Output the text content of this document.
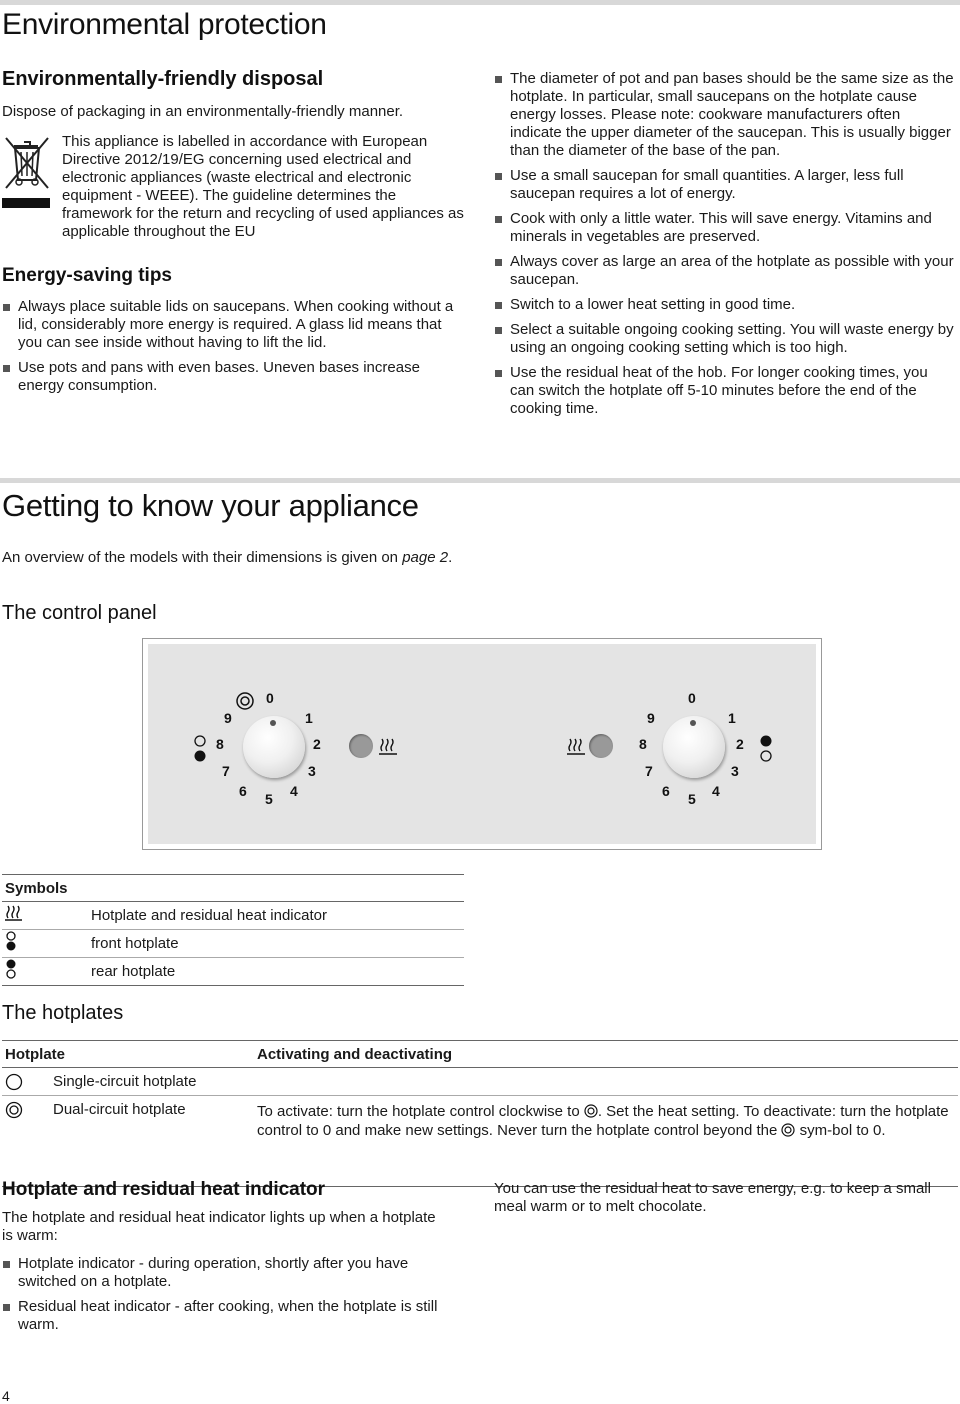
Environmental protection
Environmentally-friendly disposal

Dispose of packaging in an environmentally-friendly manner.

This appliance is labelled in accordance with European Directive 2012/19/EG concerning used electrical and electronic appliances (waste electrical and electronic equipment - WEEE). The guideline determines the framework for the return and recycling of used appliances as applicable throughout the EU

Energy-saving tips
Always place suitable lids on saucepans. When cooking without a lid, considerably more energy is required. A glass lid means that you can see inside without having to lift the lid.
Use pots and pans with even bases. Uneven bases increase energy consumption.
The diameter of pot and pan bases should be the same size as the hotplate. In particular, small saucepans on the hotplate cause energy losses. Please note: cookware manufacturers often indicate the upper diameter of the saucepan. This is usually bigger than the diameter of the base of the pan.
Use a small saucepan for small quantities. A larger, less full saucepan requires a lot of energy.
Cook with only a little water. This will save energy. Vitamins and minerals in vegetables are preserved.
Always cover as large an area of the hotplate as possible with your saucepan.
Switch to a lower heat setting in good time.
Select a suitable ongoing cooking setting. You will waste energy by using an ongoing cooking setting which is too high.
Use the residual heat of the hob. For longer cooking times, you can switch the hotplate off 5-10 minutes before the end of the cooking time.
Getting to know your appliance

An overview of the models with their dimensions is given on page 2.

The control panel
0
1
2
3
4
5
6
7
8
9
0
1
2
3
4
5
6
7
8
9
Symbols
Hotplate and residual heat indicator
front hotplate
rear hotplate
The hotplates
Hotplate	Activating and deactivating
Single-circuit hotplate
Dual-circuit hotplate	To activate: turn the hotplate control clockwise to . Set the heat setting. To deactivate: turn the hotplate control to 0 and make new settings. Never turn the hotplate control beyond the sym-bol to 0.

Hotplate and residual heat indicator

The hotplate and residual heat indicator lights up when a hotplate is warm:

Hotplate indicator - during operation, shortly after you have switched on a hotplate.
Residual heat indicator - after cooking, when the hotplate is still warm.

You can use the residual heat to save energy, e.g. to keep a small meal warm or to melt chocolate.

4
